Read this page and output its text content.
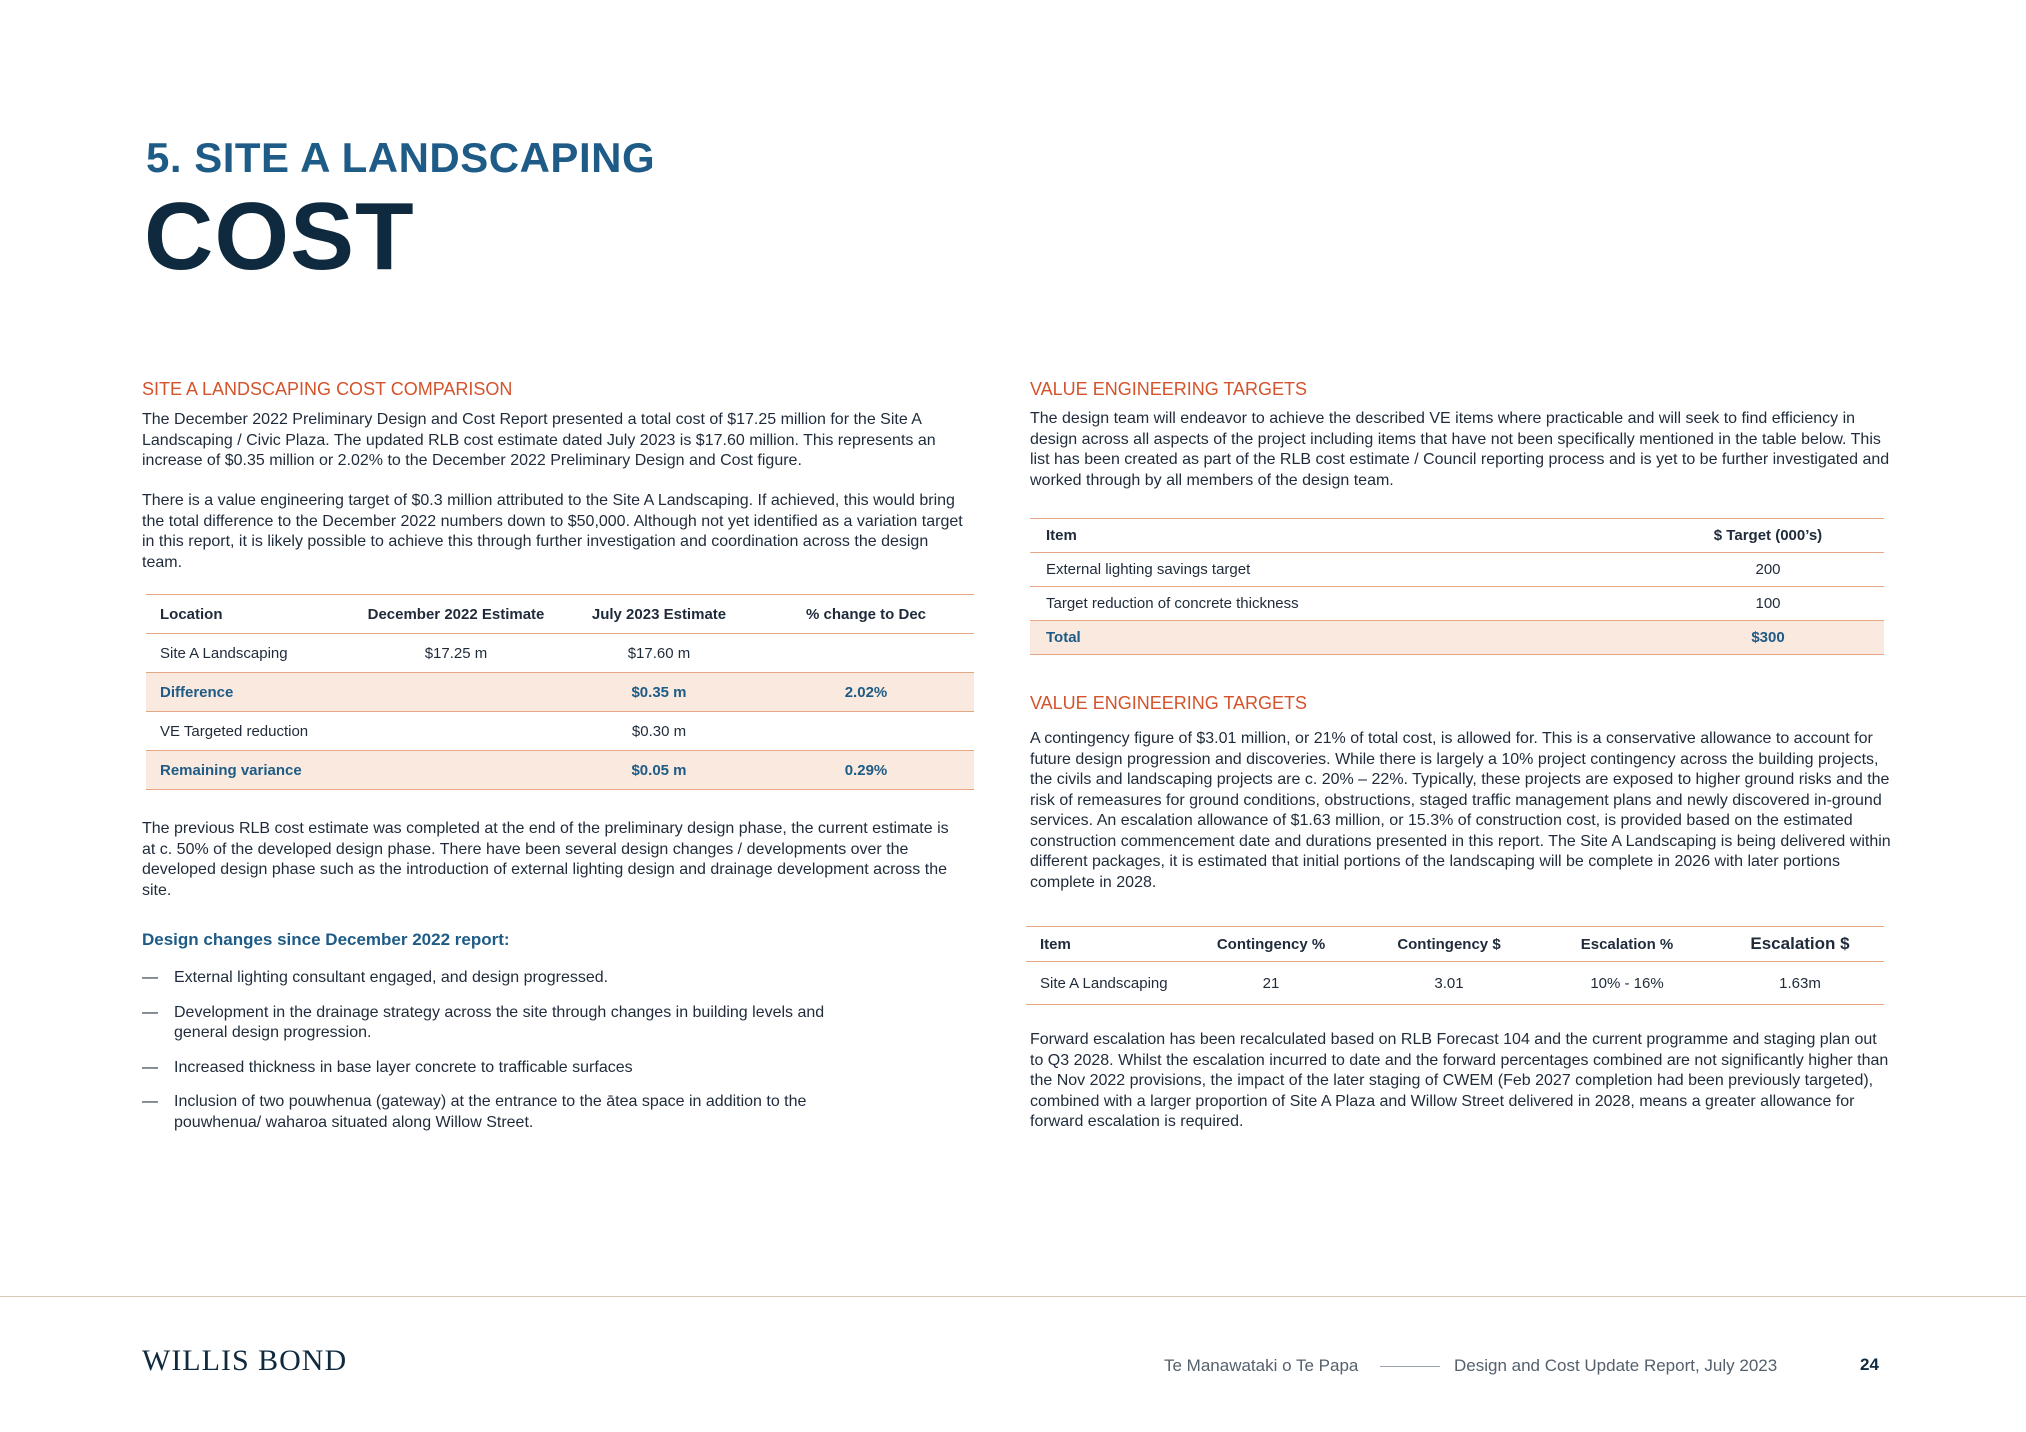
5. SITE A LANDSCAPING
COST
SITE A LANDSCAPING COST COMPARISON

The December 2022 Preliminary Design and Cost Report presented a total cost of $17.25 million for the Site A Landscaping / Civic Plaza. The updated RLB cost estimate dated July 2023 is $17.60 million. This represents an increase of $0.35 million or 2.02% to the December 2022 Preliminary Design and Cost figure.

There is a value engineering target of $0.3 million attributed to the Site A Landscaping. If achieved, this would bring the total difference to the December 2022 numbers down to $50,000. Although not yet identified as a variation target in this report, it is likely possible to achieve this through further investigation and coordination across the design team.

Location	December 2022 Estimate	July 2023 Estimate	% change to Dec
Site A Landscaping	$17.25 m	$17.60 m	
Difference		$0.35 m	2.02%
VE Targeted reduction		$0.30 m	
Remaining variance		$0.05 m	0.29%

The previous RLB cost estimate was completed at the end of the preliminary design phase, the current estimate is at c. 50% of the developed design phase. There have been several design changes / developments over the developed design phase such as the introduction of external lighting design and drainage development across the site.

Design changes since December 2022 report:
—	External lighting consultant engaged, and design progressed.
—	Development in the drainage strategy across the site through changes in building levels and general design progression.
—	Increased thickness in base layer concrete to trafficable surfaces
—	Inclusion of two pouwhenua (gateway) at the entrance to the ātea space in addition to the pouwhenua/ waharoa situated along Willow Street.
VALUE ENGINEERING TARGETS

The design team will endeavor to achieve the described VE items where practicable and will seek to find efficiency in design across all aspects of the project including items that have not been specifically mentioned in the table below. This list has been created as part of the RLB cost estimate / Council reporting process and is yet to be further investigated and worked through by all members of the design team.

Item	$ Target (000’s)
External lighting savings target	200
Target reduction of concrete thickness	100
Total	$300
VALUE ENGINEERING TARGETS

A contingency figure of $3.01 million, or 21% of total cost, is allowed for. This is a conservative allowance to account for future design progression and discoveries. While there is largely a 10% project contingency across the building projects, the civils and landscaping projects are c. 20% – 22%. Typically, these projects are exposed to higher ground risks and the risk of remeasures for ground conditions, obstructions, staged traffic management plans and newly discovered in-ground services. An escalation allowance of $1.63 million, or 15.3% of construction cost, is provided based on the estimated construction commencement date and durations presented in this report. The Site A Landscaping is being delivered within different packages, it is estimated that initial portions of the landscaping will be complete in 2026 with later portions complete in 2028.

Item	Contingency %	Contingency $	Escalation %	Escalation $
Site A Landscaping	21	3.01	10% - 16%	1.63m

Forward escalation has been recalculated based on RLB Forecast 104 and the current programme and staging plan out to Q3 2028. Whilst the escalation incurred to date and the forward percentages combined are not significantly higher than the Nov 2022 provisions, the impact of the later staging of CWEM (Feb 2027 completion had been previously targeted), combined with a larger proportion of Site A Plaza and Willow Street delivered in 2028, means a greater allowance for forward escalation is required.

WILLIS BOND	Te Manawataki o Te Papa	Design and Cost Update Report, July 2023	24
